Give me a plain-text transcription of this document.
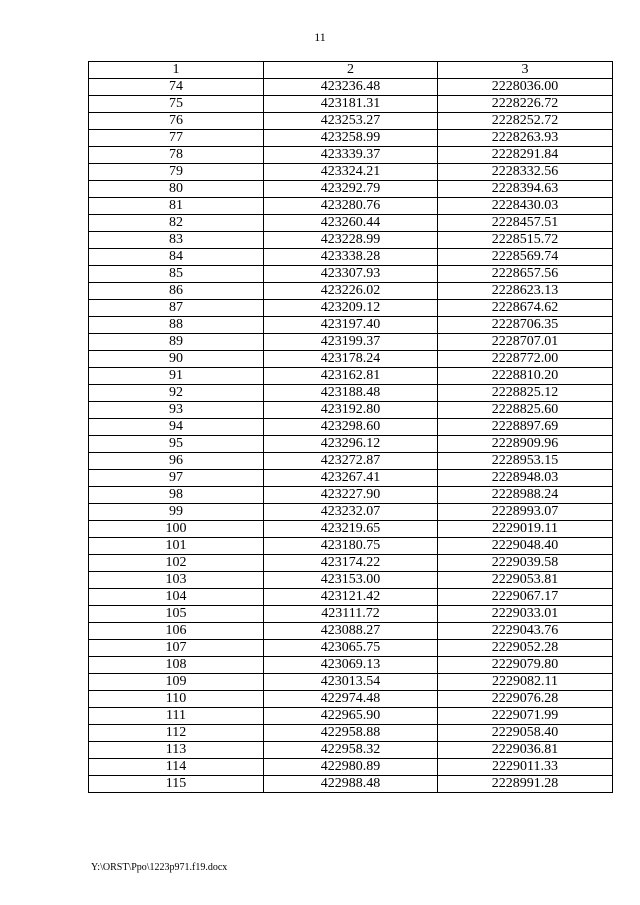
11
1	2	3
74	423236.48	2228036.00
75	423181.31	2228226.72
76	423253.27	2228252.72
77	423258.99	2228263.93
78	423339.37	2228291.84
79	423324.21	2228332.56
80	423292.79	2228394.63
81	423280.76	2228430.03
82	423260.44	2228457.51
83	423228.99	2228515.72
84	423338.28	2228569.74
85	423307.93	2228657.56
86	423226.02	2228623.13
87	423209.12	2228674.62
88	423197.40	2228706.35
89	423199.37	2228707.01
90	423178.24	2228772.00
91	423162.81	2228810.20
92	423188.48	2228825.12
93	423192.80	2228825.60
94	423298.60	2228897.69
95	423296.12	2228909.96
96	423272.87	2228953.15
97	423267.41	2228948.03
98	423227.90	2228988.24
99	423232.07	2228993.07
100	423219.65	2229019.11
101	423180.75	2229048.40
102	423174.22	2229039.58
103	423153.00	2229053.81
104	423121.42	2229067.17
105	423111.72	2229033.01
106	423088.27	2229043.76
107	423065.75	2229052.28
108	423069.13	2229079.80
109	423013.54	2229082.11
110	422974.48	2229076.28
111	422965.90	2229071.99
112	422958.88	2229058.40
113	422958.32	2229036.81
114	422980.89	2229011.33
115	422988.48	2228991.28
Y:\ORST\Ppo\1223p971.f19.docx
